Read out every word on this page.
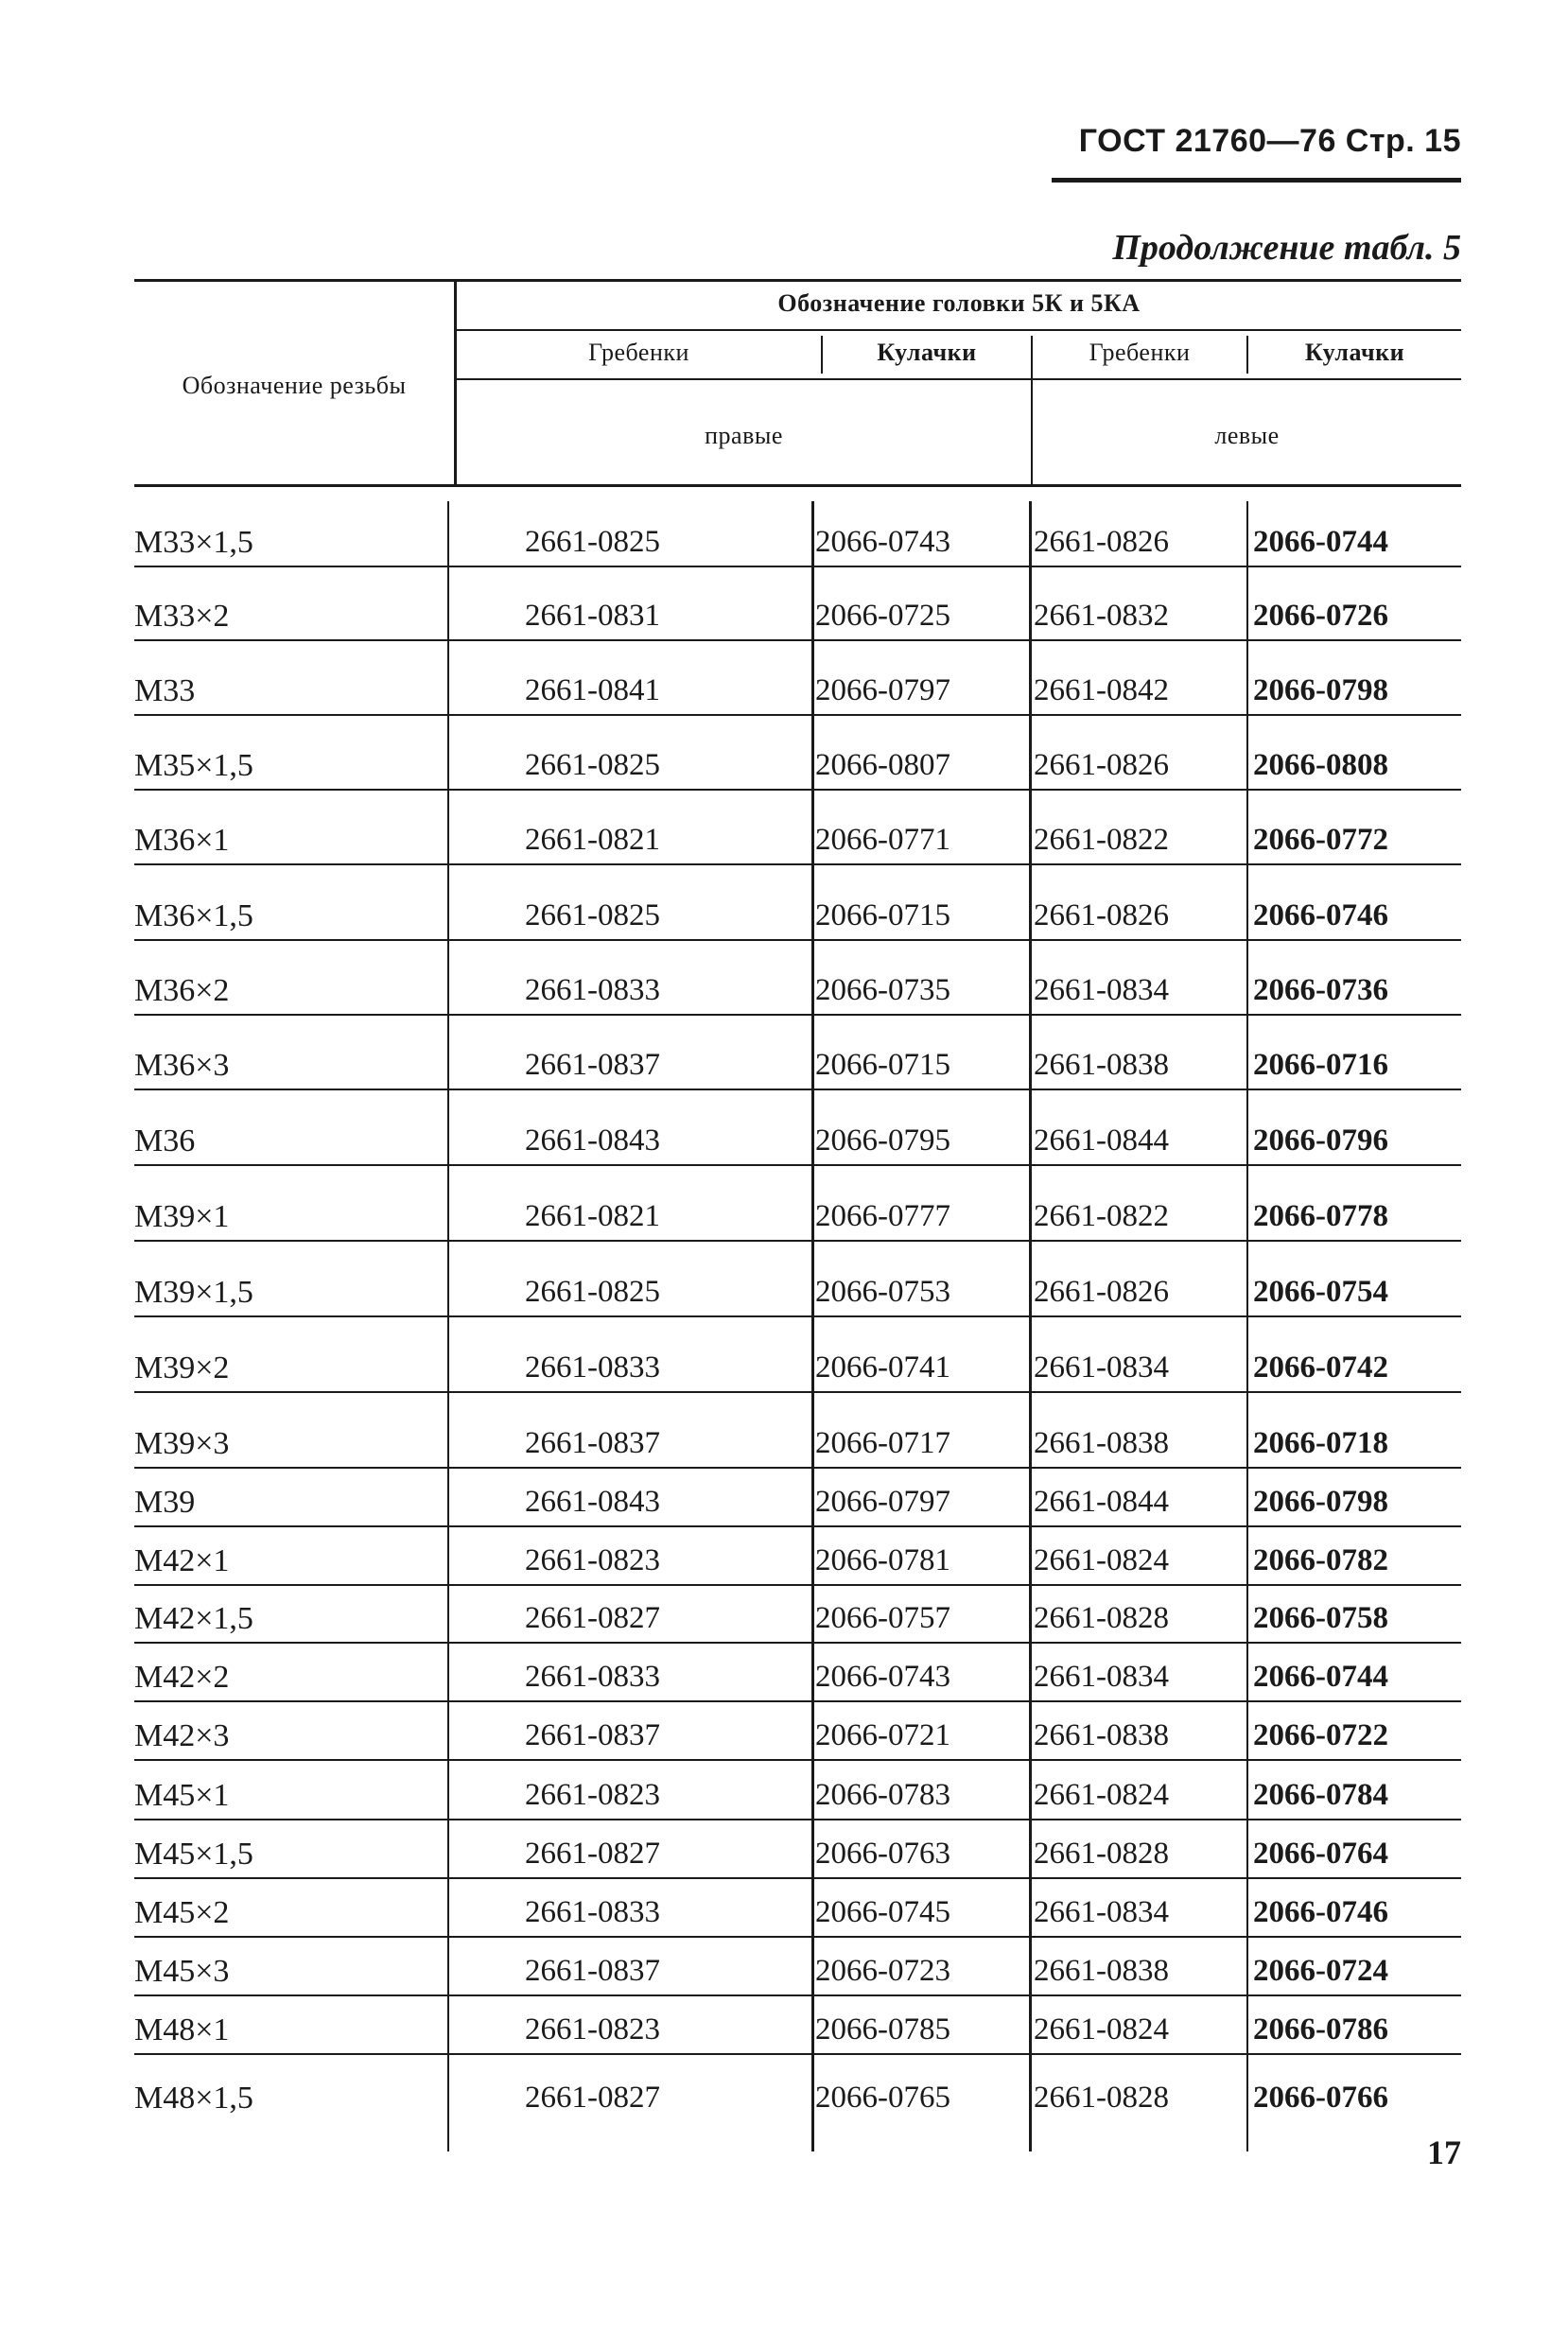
ГОСТ 21760—76 Стр. 15
Продолжение табл. 5
Обозначение головки 5К и 5КА
Обозначение резьбы
Гребенки	Кулачки	Гребенки	Кулачки
правые	левые
М33×1,5	2661-0825	2066-0743	2661-0826	2066-0744
М33×2	2661-0831	2066-0725	2661-0832	2066-0726
М33	2661-0841	2066-0797	2661-0842	2066-0798
М35×1,5	2661-0825	2066-0807	2661-0826	2066-0808
М36×1	2661-0821	2066-0771	2661-0822	2066-0772
М36×1,5	2661-0825	2066-0715	2661-0826	2066-0746
М36×2	2661-0833	2066-0735	2661-0834	2066-0736
М36×3	2661-0837	2066-0715	2661-0838	2066-0716
М36	2661-0843	2066-0795	2661-0844	2066-0796
М39×1	2661-0821	2066-0777	2661-0822	2066-0778
М39×1,5	2661-0825	2066-0753	2661-0826	2066-0754
М39×2	2661-0833	2066-0741	2661-0834	2066-0742
М39×3	2661-0837	2066-0717	2661-0838	2066-0718
М39	2661-0843	2066-0797	2661-0844	2066-0798
М42×1	2661-0823	2066-0781	2661-0824	2066-0782
М42×1,5	2661-0827	2066-0757	2661-0828	2066-0758
М42×2	2661-0833	2066-0743	2661-0834	2066-0744
М42×3	2661-0837	2066-0721	2661-0838	2066-0722
М45×1	2661-0823	2066-0783	2661-0824	2066-0784
М45×1,5	2661-0827	2066-0763	2661-0828	2066-0764
М45×2	2661-0833	2066-0745	2661-0834	2066-0746
М45×3	2661-0837	2066-0723	2661-0838	2066-0724
М48×1	2661-0823	2066-0785	2661-0824	2066-0786
М48×1,5	2661-0827	2066-0765	2661-0828	2066-0766
17
